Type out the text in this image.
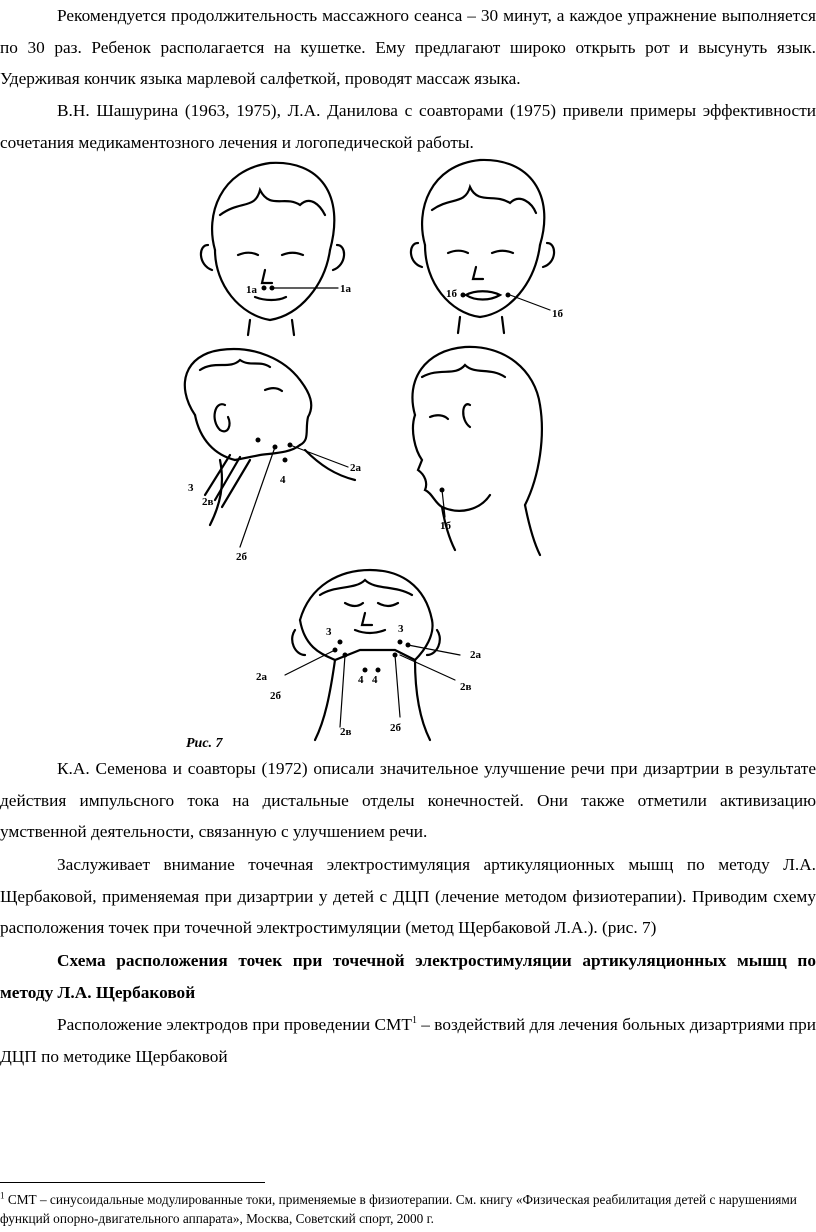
Рекомендуется продолжительность массажного сеанса – 30 минут, а каждое упражнение выполняется по 30 раз. Ребенок располагается на кушетке. Ему предлагают широко открыть рот и высунуть язык. Удерживая кончик языка марлевой салфеткой, проводят массаж языка.

В.Н. Шашурина (1963, 1975), Л.А. Данилова с соавторами (1975) привели примеры эффективности сочетания медикаментозного лечения и логопедической работы.

1а	1а	1б
1б
2а
3
2в
4
2б
1б
3	3
2а
2а	4 4
2в
2б
2в	2б
Рис. 7

К.А. Семенова и соавторы (1972) описали значительное улучшение речи при дизартрии в результате действия импульсного тока на дистальные отделы конечностей. Они также отметили активизацию умственной деятельности, связанную с улучшением речи.

Заслуживает внимание точечная электростимуляция артикуляционных мышц по методу Л.А. Щербаковой, применяемая при дизартрии у детей с ДЦП (лечение методом физиотерапии). Приводим схему расположения точек при точечной электростимуляции (метод Щербаковой Л.А.). (рис. 7)

Схема расположения точек при точечной электростимуляции артикуляционных мышц по методу Л.А. Щербаковой

Расположение электродов при проведении СМТ$^1$ – воздействий для лечения больных дизартриями при ДЦП по методике Щербаковой

$^1$ СМТ – синусоидальные модулированные токи, применяемые в физиотерапии. См. книгу «Физическая реабилитация детей с нарушениями функций опорно-двигательного аппарата», Москва, Советский спорт, 2000 г.
